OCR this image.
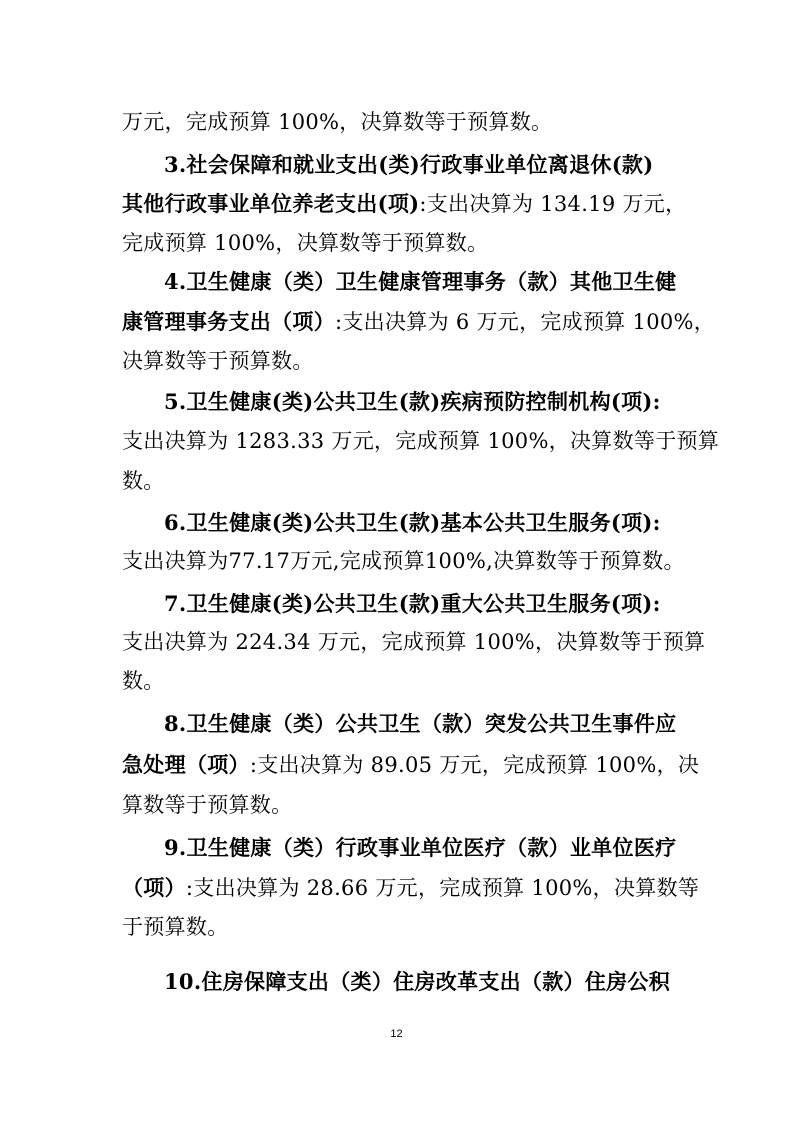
万元，完成预算 100%，决算数等于预算数。
3.社会保障和就业支出(类)行政事业单位离退休(款)
其他行政事业单位养老支出(项):支出决算为 134.19 万元，
完成预算 100%，决算数等于预算数。
4.卫生健康（类）卫生健康管理事务（款）其他卫生健
康管理事务支出（项）:支出决算为 6 万元，完成预算 100%，
决算数等于预算数。
5.卫生健康(类)公共卫生(款)疾病预防控制机构(项):
支出决算为 1283.33 万元，完成预算 100%，决算数等于预算
数。
6.卫生健康(类)公共卫生(款)基本公共卫生服务(项):
支出决算为77.17万元,完成预算100%,决算数等于预算数。
7.卫生健康(类)公共卫生(款)重大公共卫生服务(项):
支出决算为 224.34 万元，完成预算 100%，决算数等于预算
数。
8.卫生健康（类）公共卫生（款）突发公共卫生事件应
急处理（项）:支出决算为 89.05 万元，完成预算 100%，决
算数等于预算数。
9.卫生健康（类）行政事业单位医疗（款）业单位医疗
（项）:支出决算为 28.66 万元，完成预算 100%，决算数等
于预算数。
10.住房保障支出（类）住房改革支出（款）住房公积
12
